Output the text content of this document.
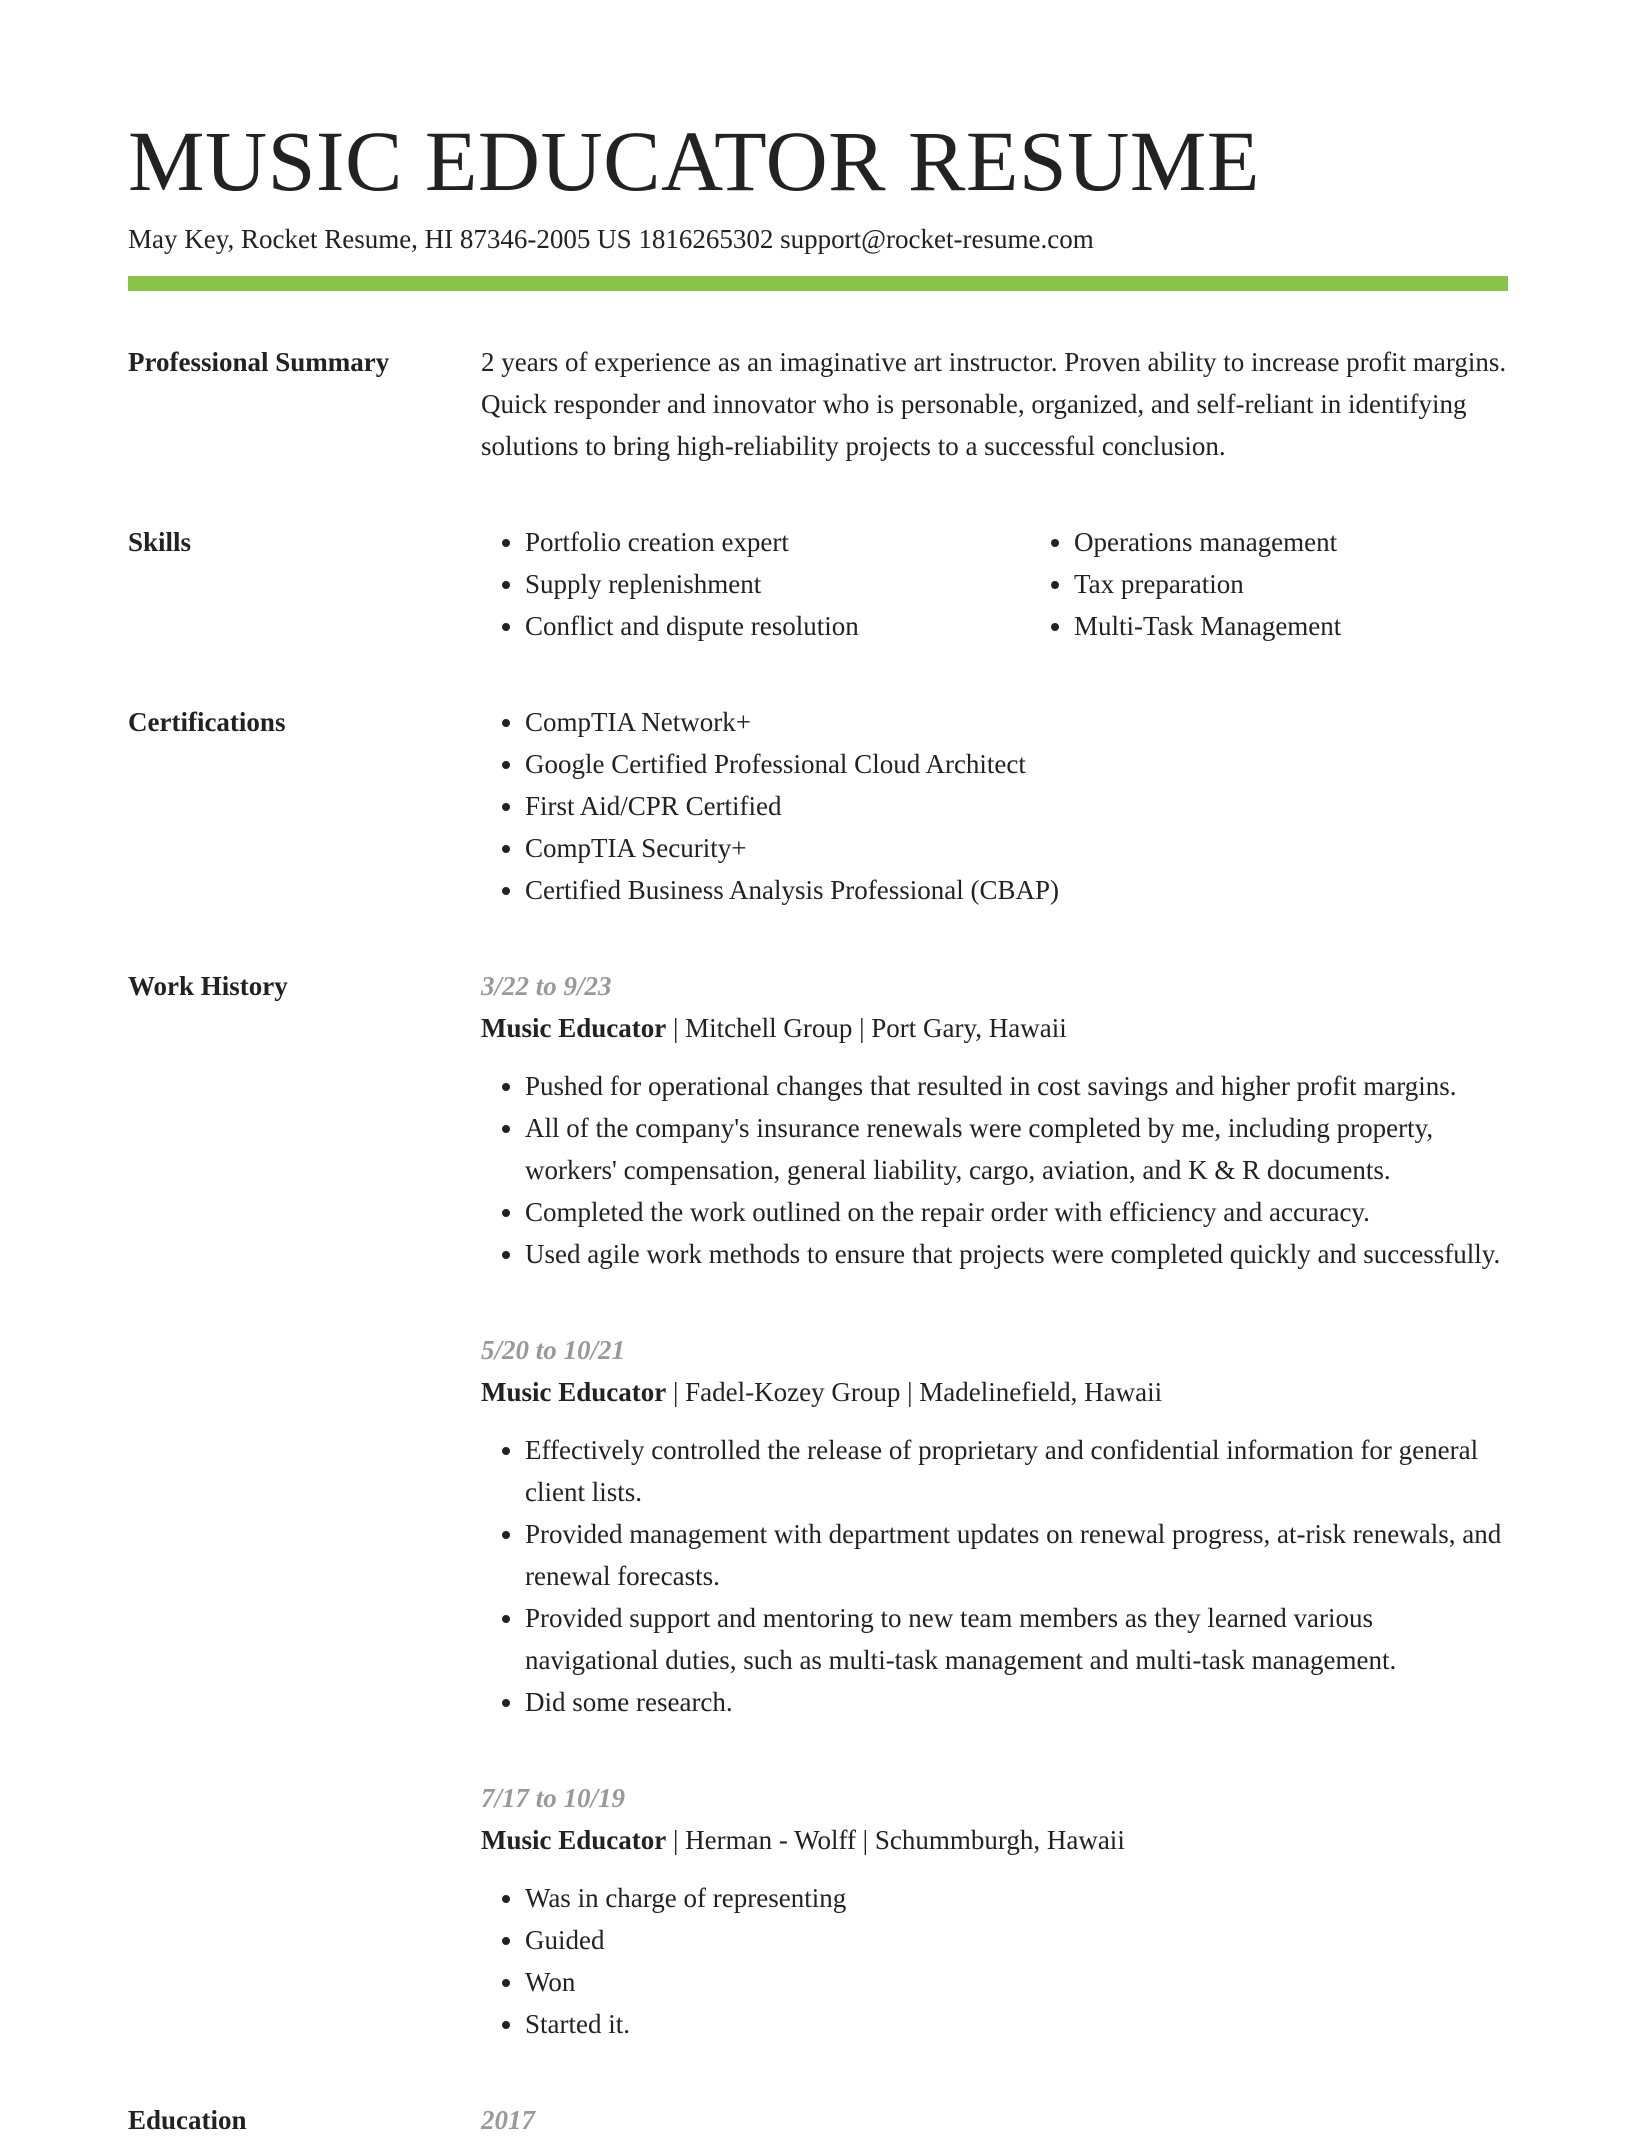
MUSIC EDUCATOR RESUME
May Key, Rocket Resume, HI 87346-2005 US 1816265302 support@rocket-resume.com
Professional Summary	2 years of experience as an imaginative art instructor. Proven ability to increase profit margins. Quick responder and innovator who is personable, organized, and self-reliant in identifying solutions to bring high-reliability projects to a successful conclusion.

Skills	• Portfolio creation expert
• Supply replenishment
• Conflict and dispute resolution
• Operations management
• Tax preparation
• Multi-Task Management
Certifications	• CompTIA Network+
• Google Certified Professional Cloud Architect
• First Aid/CPR Certified
• CompTIA Security+
• Certified Business Analysis Professional (CBAP)
Work History	3/22 to 9/23
Music Educator | Mitchell Group | Port Gary, Hawaii
• Pushed for operational changes that resulted in cost savings and higher profit margins.
• All of the company's insurance renewals were completed by me, including property, workers' compensation, general liability, cargo, aviation, and K & R documents.
• Completed the work outlined on the repair order with efficiency and accuracy.
• Used agile work methods to ensure that projects were completed quickly and successfully.
5/20 to 10/21
Music Educator | Fadel-Kozey Group | Madelinefield, Hawaii
• Effectively controlled the release of proprietary and confidential information for general client lists.
• Provided management with department updates on renewal progress, at-risk renewals, and renewal forecasts.
• Provided support and mentoring to new team members as they learned various navigational duties, such as multi-task management and multi-task management.
• Did some research.
7/17 to 10/19
Music Educator | Herman - Wolff | Schummburgh, Hawaii
• Was in charge of representing
• Guided
• Won
• Started it.
Education	2017
